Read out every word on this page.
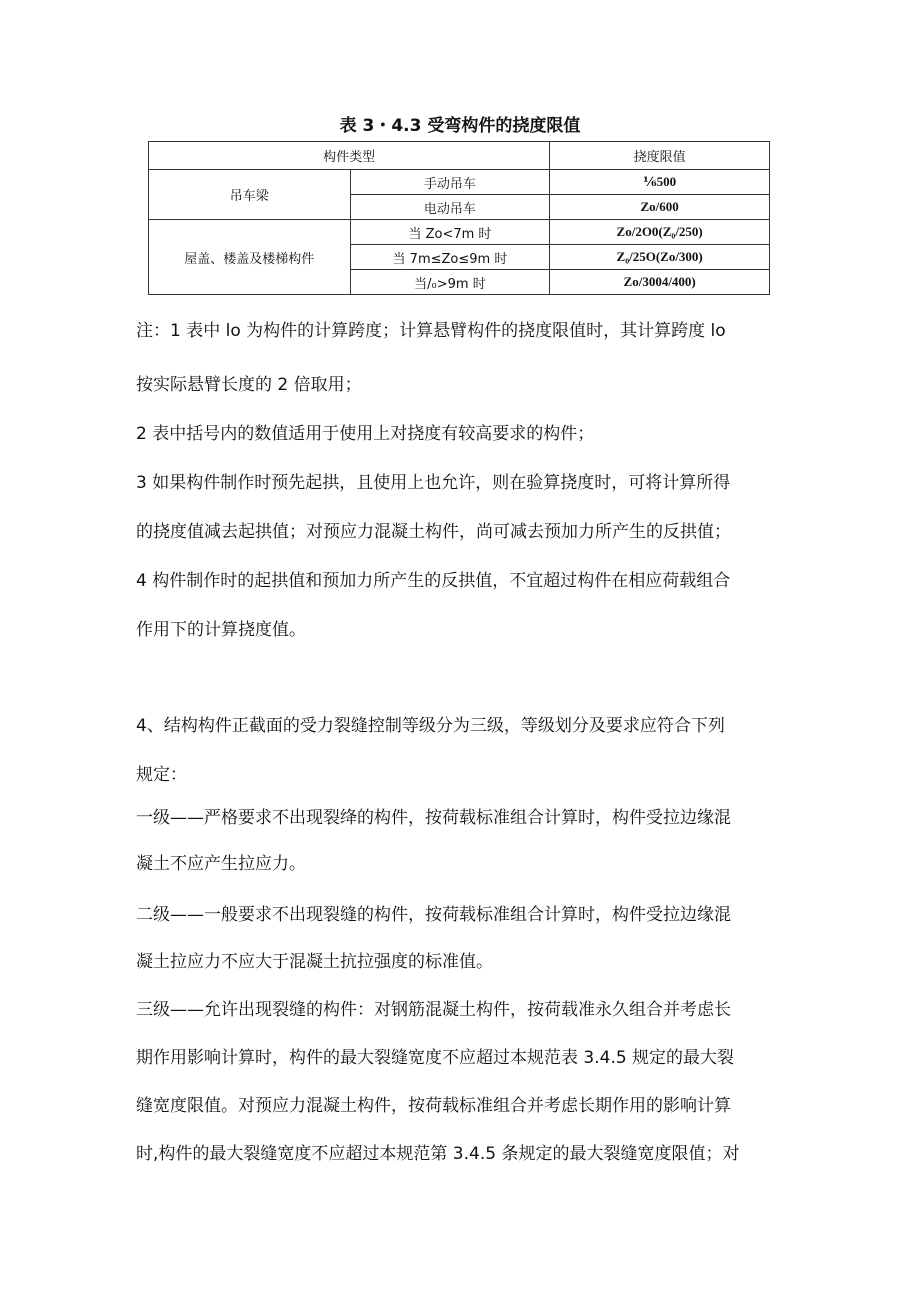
表 3・4.3 受弯构件的挠度限值
构件类型		挠度限值
吊车梁	手动吊车	⅙500
	电动吊车	Zo/600
屋盖、楼盖及楼梯构件	当 Zo<7m 时	Zo/2O0(Z₀/250)
	当 7m≤Zo≤9m 时	Z₀/25O(Zo/300)
	当/₀>9m 时	Zo/3004/400)
注：1 表中 lo 为构件的计算跨度；计算悬臂构件的挠度限值时，其计算跨度 lo
按实际悬臂长度的 2 倍取用；
2 表中括号内的数值适用于使用上对挠度有较高要求的构件；
3 如果构件制作时预先起拱，且使用上也允许，则在验算挠度时，可将计算所得
的挠度值减去起拱值；对预应力混凝土构件，尚可减去预加力所产生的反拱值；
4 构件制作时的起拱值和预加力所产生的反拱值，不宜超过构件在相应荷载组合
作用下的计算挠度值。
4、结构构件正截面的受力裂缝控制等级分为三级，等级划分及要求应符合下列
规定：
一级——严格要求不出现裂绛的构件，按荷载标准组合计算时，构件受拉边缘混
凝土不应产生拉应力。
二级——一般要求不出现裂缝的构件，按荷载标准组合计算时，构件受拉边缘混
凝土拉应力不应大于混凝土抗拉强度的标准值。
三级——允许出现裂缝的构件：对钢筋混凝土构件，按荷载准永久组合并考虑长
期作用影响计算时，构件的最大裂缝宽度不应超过本规范表 3.4.5 规定的最大裂
缝宽度限值。对预应力混凝土构件，按荷载标准组合并考虑长期作用的影响计算
时,构件的最大裂缝宽度不应超过本规范第 3.4.5 条规定的最大裂缝宽度限值；对
